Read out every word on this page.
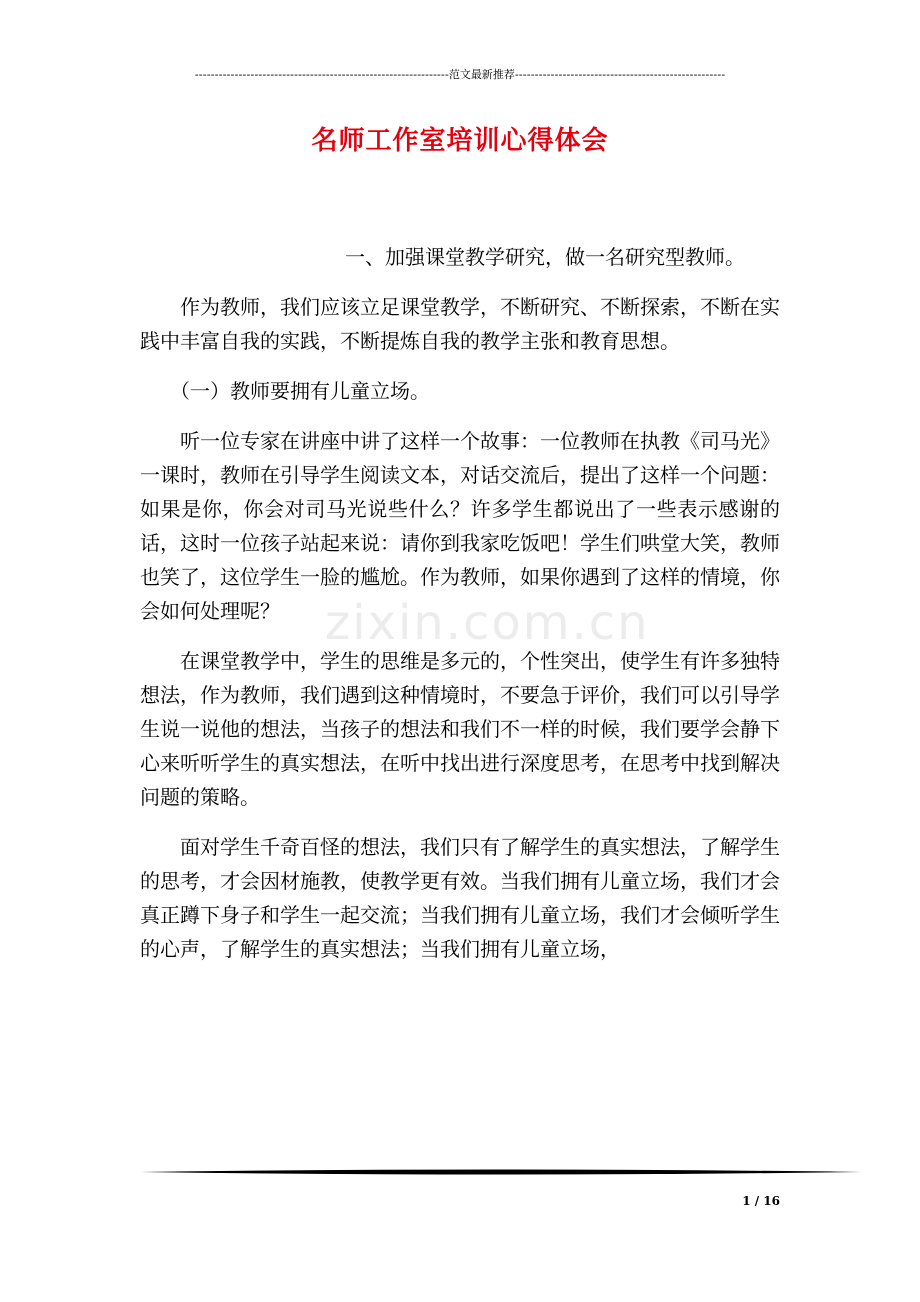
----------------------------------------------------------------范文最新推荐-----------------------------------------------------
名师工作室培训心得体会

一、加强课堂教学研究，做一名研究型教师。

作为教师，我们应该立足课堂教学，不断研究、不断探索，不断在实践中丰富自我的实践，不断提炼自我的教学主张和教育思想。

（一）教师要拥有儿童立场。

听一位专家在讲座中讲了这样一个故事：一位教师在执教《司马光》一课时，教师在引导学生阅读文本，对话交流后，提出了这样一个问题：如果是你，你会对司马光说些什么？许多学生都说出了一些表示感谢的话，这时一位孩子站起来说：请你到我家吃饭吧！学生们哄堂大笑，教师也笑了，这位学生一脸的尴尬。作为教师，如果你遇到了这样的情境，你会如何处理呢？

在课堂教学中，学生的思维是多元的，个性突出，使学生有许多独特想法，作为教师，我们遇到这种情境时，不要急于评价，我们可以引导学生说一说他的想法，当孩子的想法和我们不一样的时候，我们要学会静下心来听听学生的真实想法，在听中找出进行深度思考，在思考中找到解决问题的策略。

面对学生千奇百怪的想法，我们只有了解学生的真实想法，了解学生的思考，才会因材施教，使教学更有效。当我们拥有儿童立场，我们才会真正蹲下身子和学生一起交流；当我们拥有儿童立场，我们才会倾听学生的心声，了解学生的真实想法；当我们拥有儿童立场，

zixin.com.cn
1 / 16
